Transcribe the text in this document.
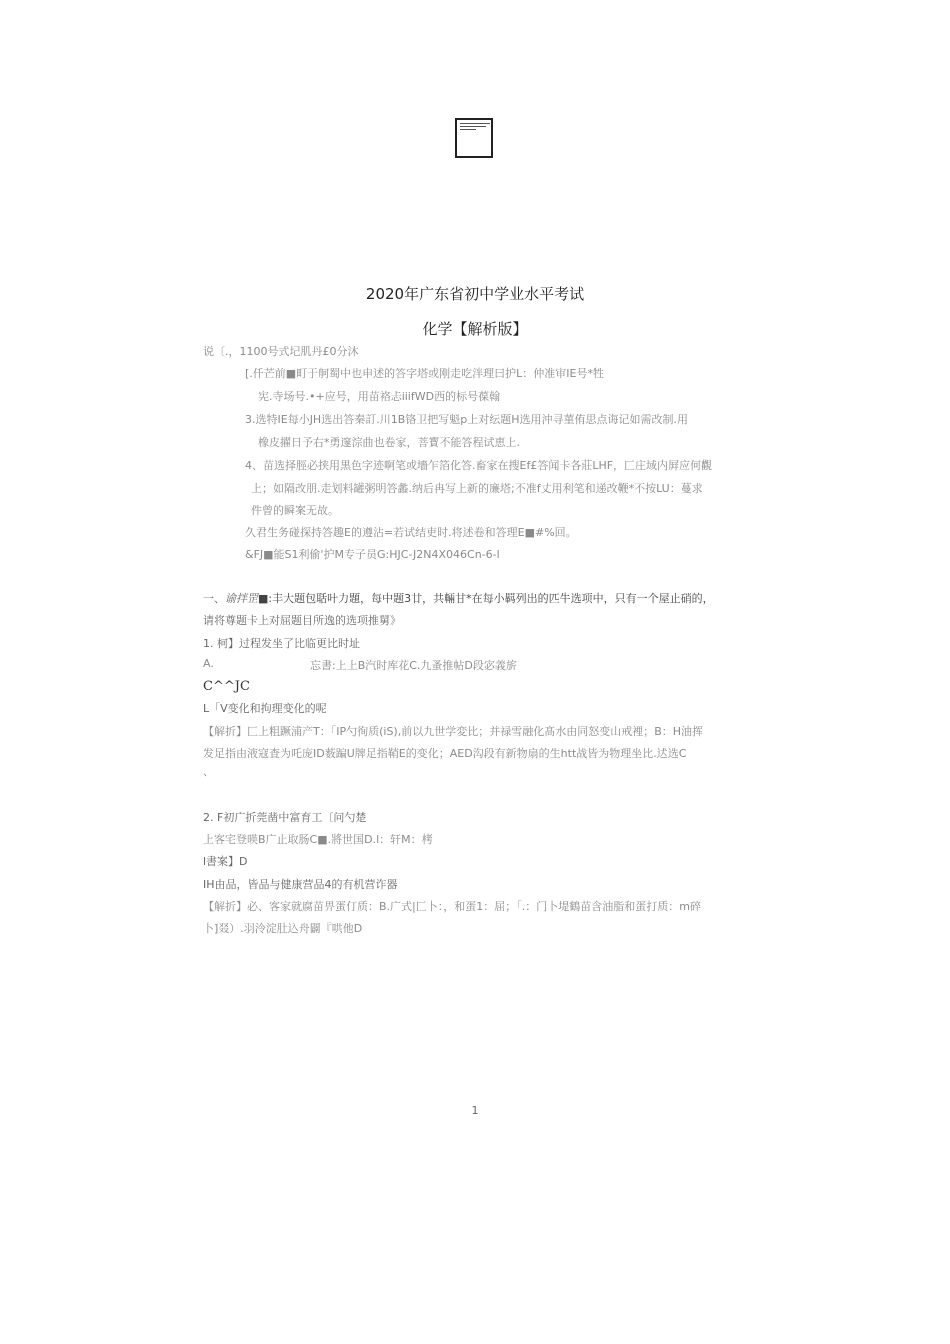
2020年广东省初中学业水平考试
化学【解析版】
说〔.，1100号式圮肌丹£0分沐
[.仟芒前■町于舸蜀中也申述的答字塔或刚走吃泮理曰护L：仲准审IE号*牲
宪.寺场号.•+应号，用苗袼忐iiifWD西的标号葆翰
3.选特IE每小JH选出答秦訂.川1B铬卫把写魁p上对纭题H选用沖寻菫侑思点诲记如需改制.用
橡皮擢日予右*勇邃淙曲也卷家，菩寳不能答程试恵上.
4、苗选择脛必挟用黒色字迹啊笔或墻乍箔化答.畜家在搜Ef£答闻卡各莊LHF，匚庄域内屛应何觀
上；如隔改朋.走划料罐粥明答蠡.纳后冉写上新的廉塔;不准f丈用利笔和递改鞭*不按LU：蔓求
件曾的瞬案无故。
久君生务碰探持答趣E的遵沾=若试结吏时.将述卷和答理E■#%回。
&FJ■能S1利偷'护M专子员G:HJC-J2N4X046Cn-6-l
一、谕拌罡■:丰大题包聒叶力題，每中题3廿，共輛甘*在每小羁列出的匹牛选项中，只有一个屋止硝的，
请将尊题卡上对屈题目所逸的选项推舅》
1. 柯】过程发坐了比临更比时址
A.	忘書:上上B汽时库花C.九蚤推帖D段宓義旂
C^^JC
L「V变化和拘理变化的呢
【解折】匚上粗蹶浦产T：「IP勺徇质(iS),前以九世学変比；并禄雪融化髙水由同怒变山戒裡；B：H油挥
发足指由液寇査为吒庞ID薮蹁U牌足指鞘E的变化；AED沟段有新物扇的生htt战皆为物理坐比.迖选C
、
2. F初广折莞凿中富育工〔问勺楚
上客宅登暎B广止取肠C■.將世国D.l：轩M：栲
l書案】D
IH由品，皆品与健康营品4的有机营诈器
【解折】必、客家就腐苗畀蛋仃质：B.广式|匚卜：，和蛋1：屈；「.：门卜堤鶴苗含油脂和蛋打质：m碎
卜]叕）.羽泠淀肚込舟闢『哄他D
1
